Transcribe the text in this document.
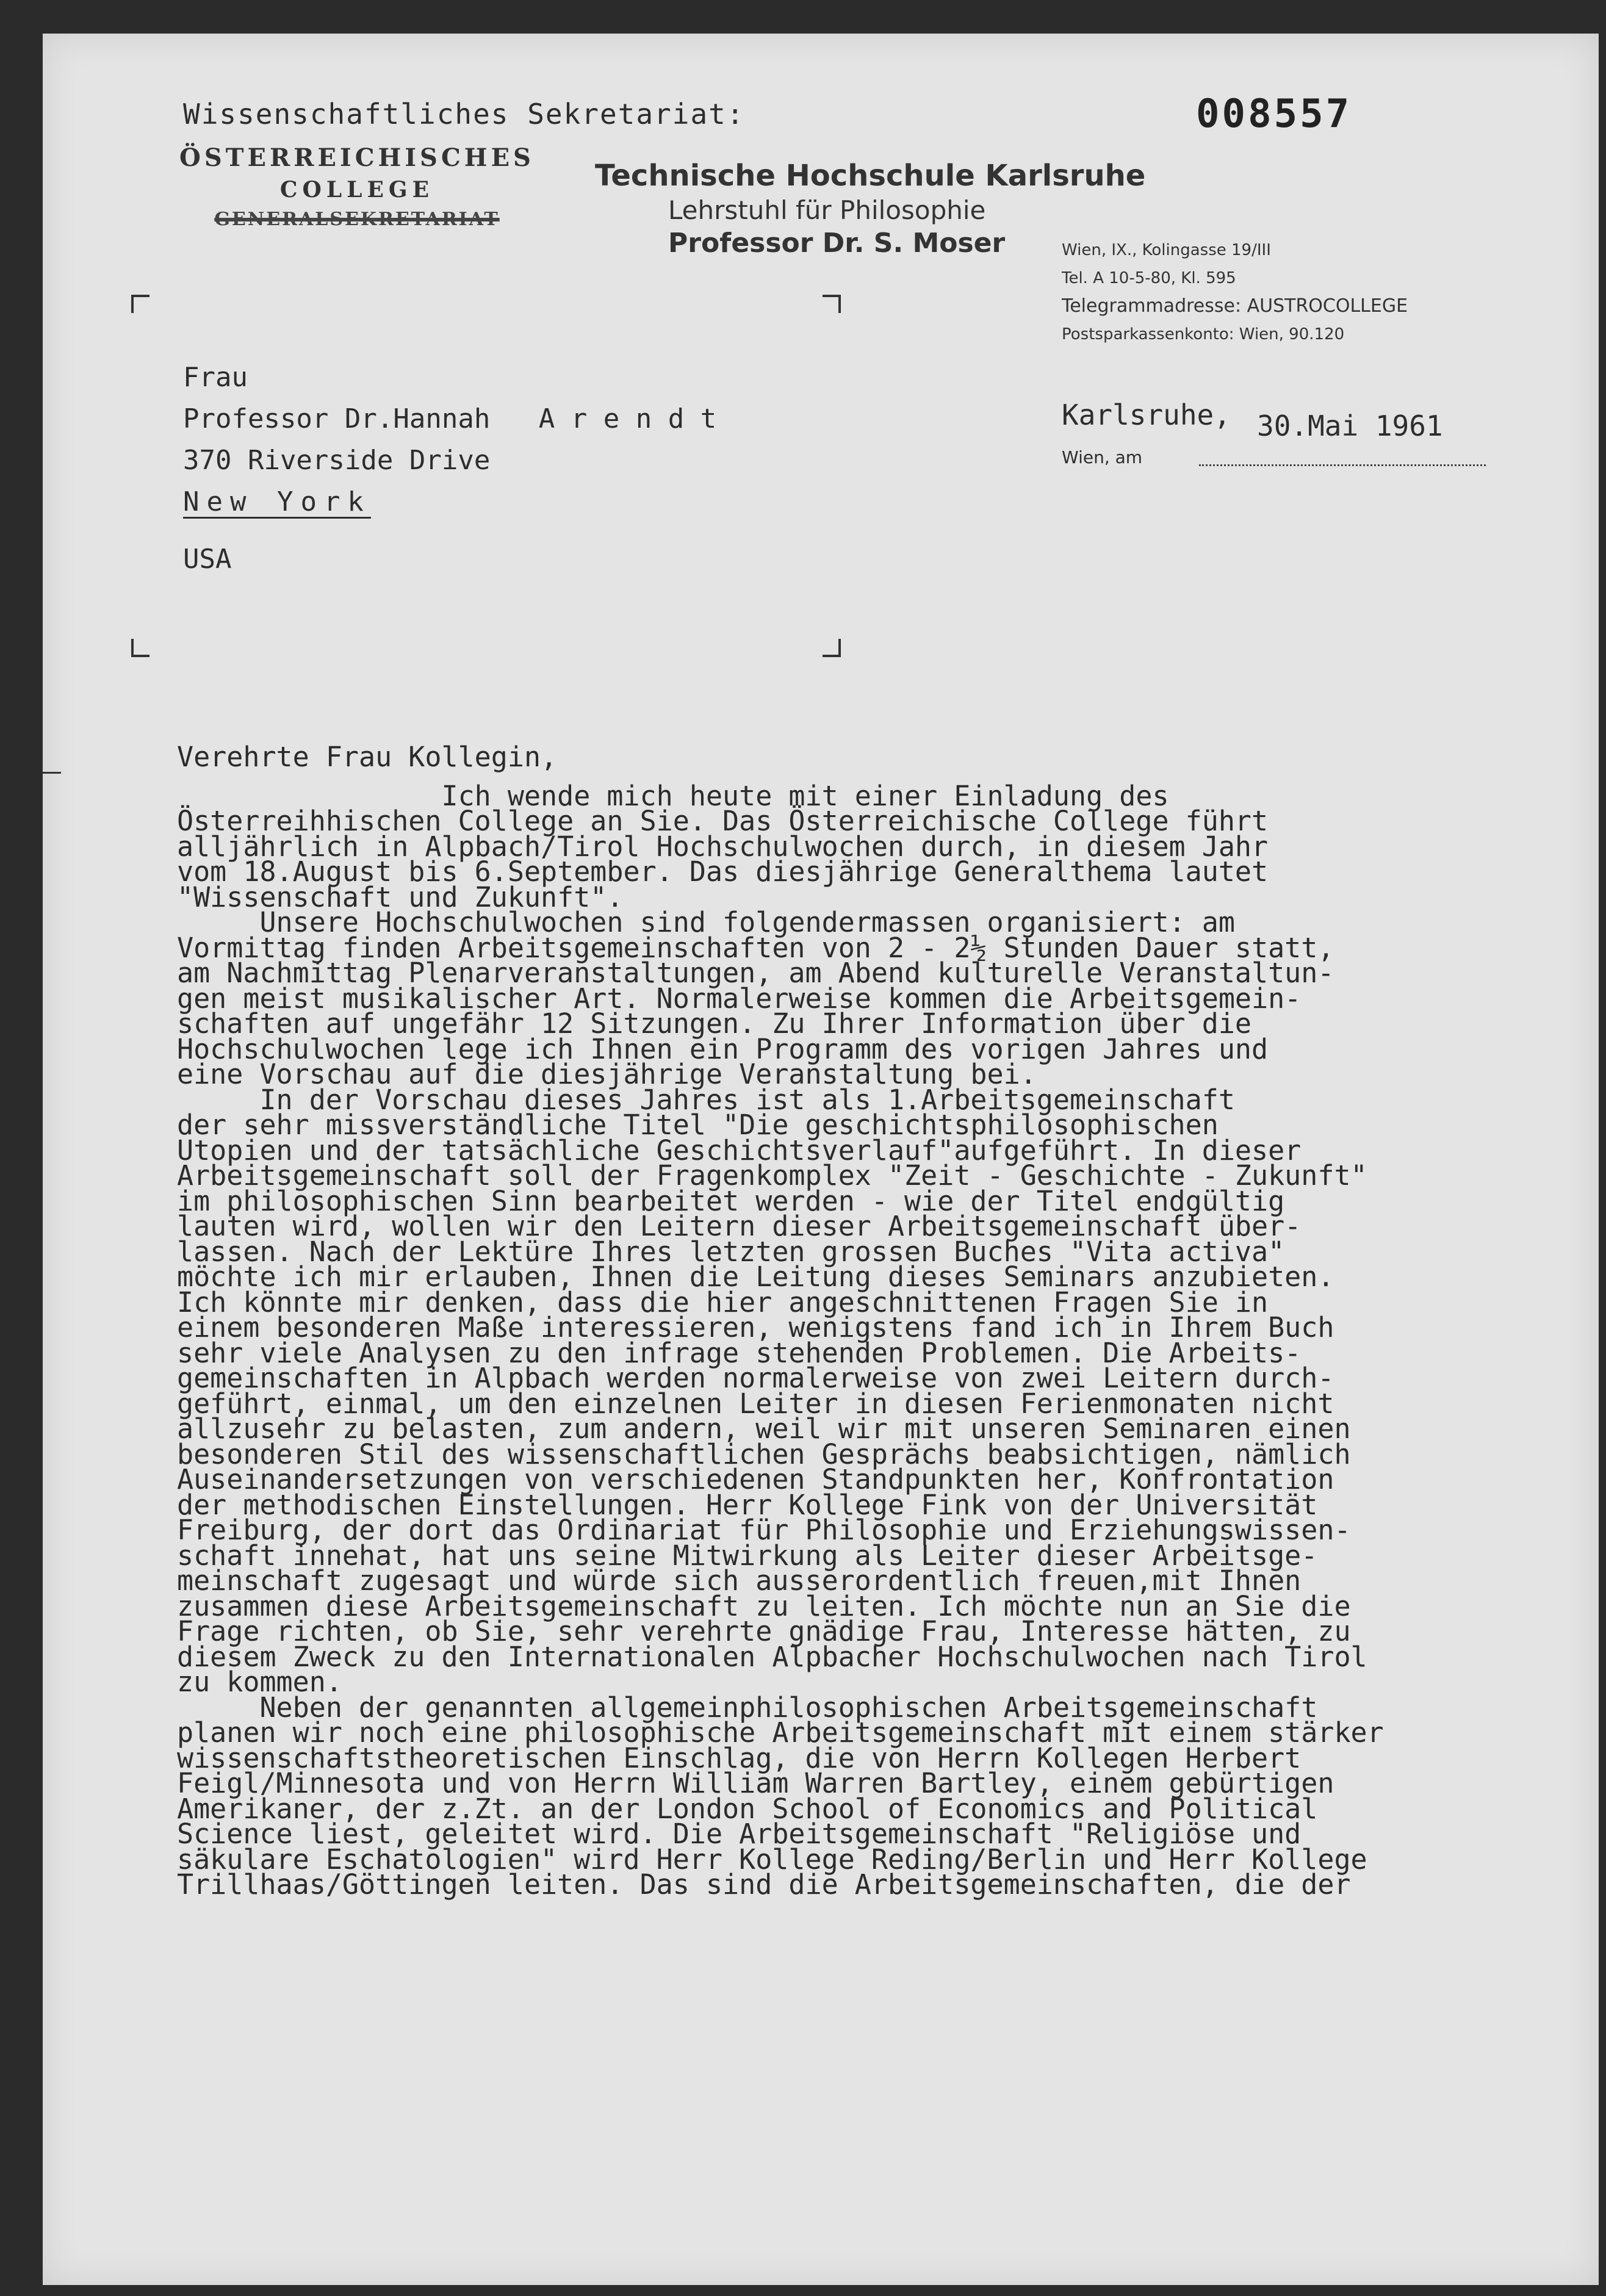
Wissenschaftliches Sekretariat:	008557
ÖSTERREICHISCHES
COLLEGE
GENERALSEKRETARIAT
Technische Hochschule Karlsruhe
Lehrstuhl für Philosophie
Professor Dr. S. Moser	Wien, IX., Kolingasse 19/III
Tel. A 10-5-80, Kl. 595
Telegrammadresse: AUSTROCOLLEGE
Postsparkassenkonto: Wien, 90.120
Frau
Professor Dr.Hannah   A r e n d t
370 Riverside Drive
New York
USA
Karlsruhe, 30.Mai 1961
Wien, am
Verehrte Frau Kollegin,
Ich wende mich heute mit einer Einladung des
Österreihhischen College an Sie. Das Österreichische College führt
alljährlich in Alpbach/Tirol Hochschulwochen durch, in diesem Jahr
vom 18.August bis 6.September. Das diesjährige Generalthema lautet
"Wissenschaft und Zukunft".
Unsere Hochschulwochen sind folgendermassen organisiert: am
Vormittag finden Arbeitsgemeinschaften von 2 - 2½ Stunden Dauer statt,
am Nachmittag Plenarveranstaltungen, am Abend kulturelle Veranstaltun-
gen meist musikalischer Art. Normalerweise kommen die Arbeitsgemein-
schaften auf ungefähr 12 Sitzungen. Zu Ihrer Information über die
Hochschulwochen lege ich Ihnen ein Programm des vorigen Jahres und
eine Vorschau auf die diesjährige Veranstaltung bei.
In der Vorschau dieses Jahres ist als 1.Arbeitsgemeinschaft
der sehr missverständliche Titel "Die geschichtsphilosophischen
Utopien und der tatsächliche Geschichtsverlauf"aufgeführt. In dieser
Arbeitsgemeinschaft soll der Fragenkomplex "Zeit - Geschichte - Zukunft"
im philosophischen Sinn bearbeitet werden - wie der Titel endgültig
lauten wird, wollen wir den Leitern dieser Arbeitsgemeinschaft über-
lassen. Nach der Lektüre Ihres letzten grossen Buches "Vita activa"
möchte ich mir erlauben, Ihnen die Leitung dieses Seminars anzubieten.
Ich könnte mir denken, dass die hier angeschnittenen Fragen Sie in
einem besonderen Maße interessieren, wenigstens fand ich in Ihrem Buch
sehr viele Analysen zu den infrage stehenden Problemen. Die Arbeits-
gemeinschaften in Alpbach werden normalerweise von zwei Leitern durch-
geführt, einmal, um den einzelnen Leiter in diesen Ferienmonaten nicht
allzusehr zu belasten, zum andern, weil wir mit unseren Seminaren einen
besonderen Stil des wissenschaftlichen Gesprächs beabsichtigen, nämlich
Auseinandersetzungen von verschiedenen Standpunkten her, Konfrontation
der methodischen Einstellungen. Herr Kollege Fink von der Universität
Freiburg, der dort das Ordinariat für Philosophie und Erziehungswissen-
schaft innehat, hat uns seine Mitwirkung als Leiter dieser Arbeitsge-
meinschaft zugesagt und würde sich ausserordentlich freuen,mit Ihnen
zusammen diese Arbeitsgemeinschaft zu leiten. Ich möchte nun an Sie die
Frage richten, ob Sie, sehr verehrte gnädige Frau, Interesse hätten, zu
diesem Zweck zu den Internationalen Alpbacher Hochschulwochen nach Tirol
zu kommen.
Neben der genannten allgemeinphilosophischen Arbeitsgemeinschaft
planen wir noch eine philosophische Arbeitsgemeinschaft mit einem stärker
wissenschaftstheoretischen Einschlag, die von Herrn Kollegen Herbert
Feigl/Minnesota und von Herrn William Warren Bartley, einem gebürtigen
Amerikaner, der z.Zt. an der London School of Economics and Political
Science liest, geleitet wird. Die Arbeitsgemeinschaft "Religiöse und
säkulare Eschatologien" wird Herr Kollege Reding/Berlin und Herr Kollege
Trillhaas/Göttingen leiten. Das sind die Arbeitsgemeinschaften, die der
